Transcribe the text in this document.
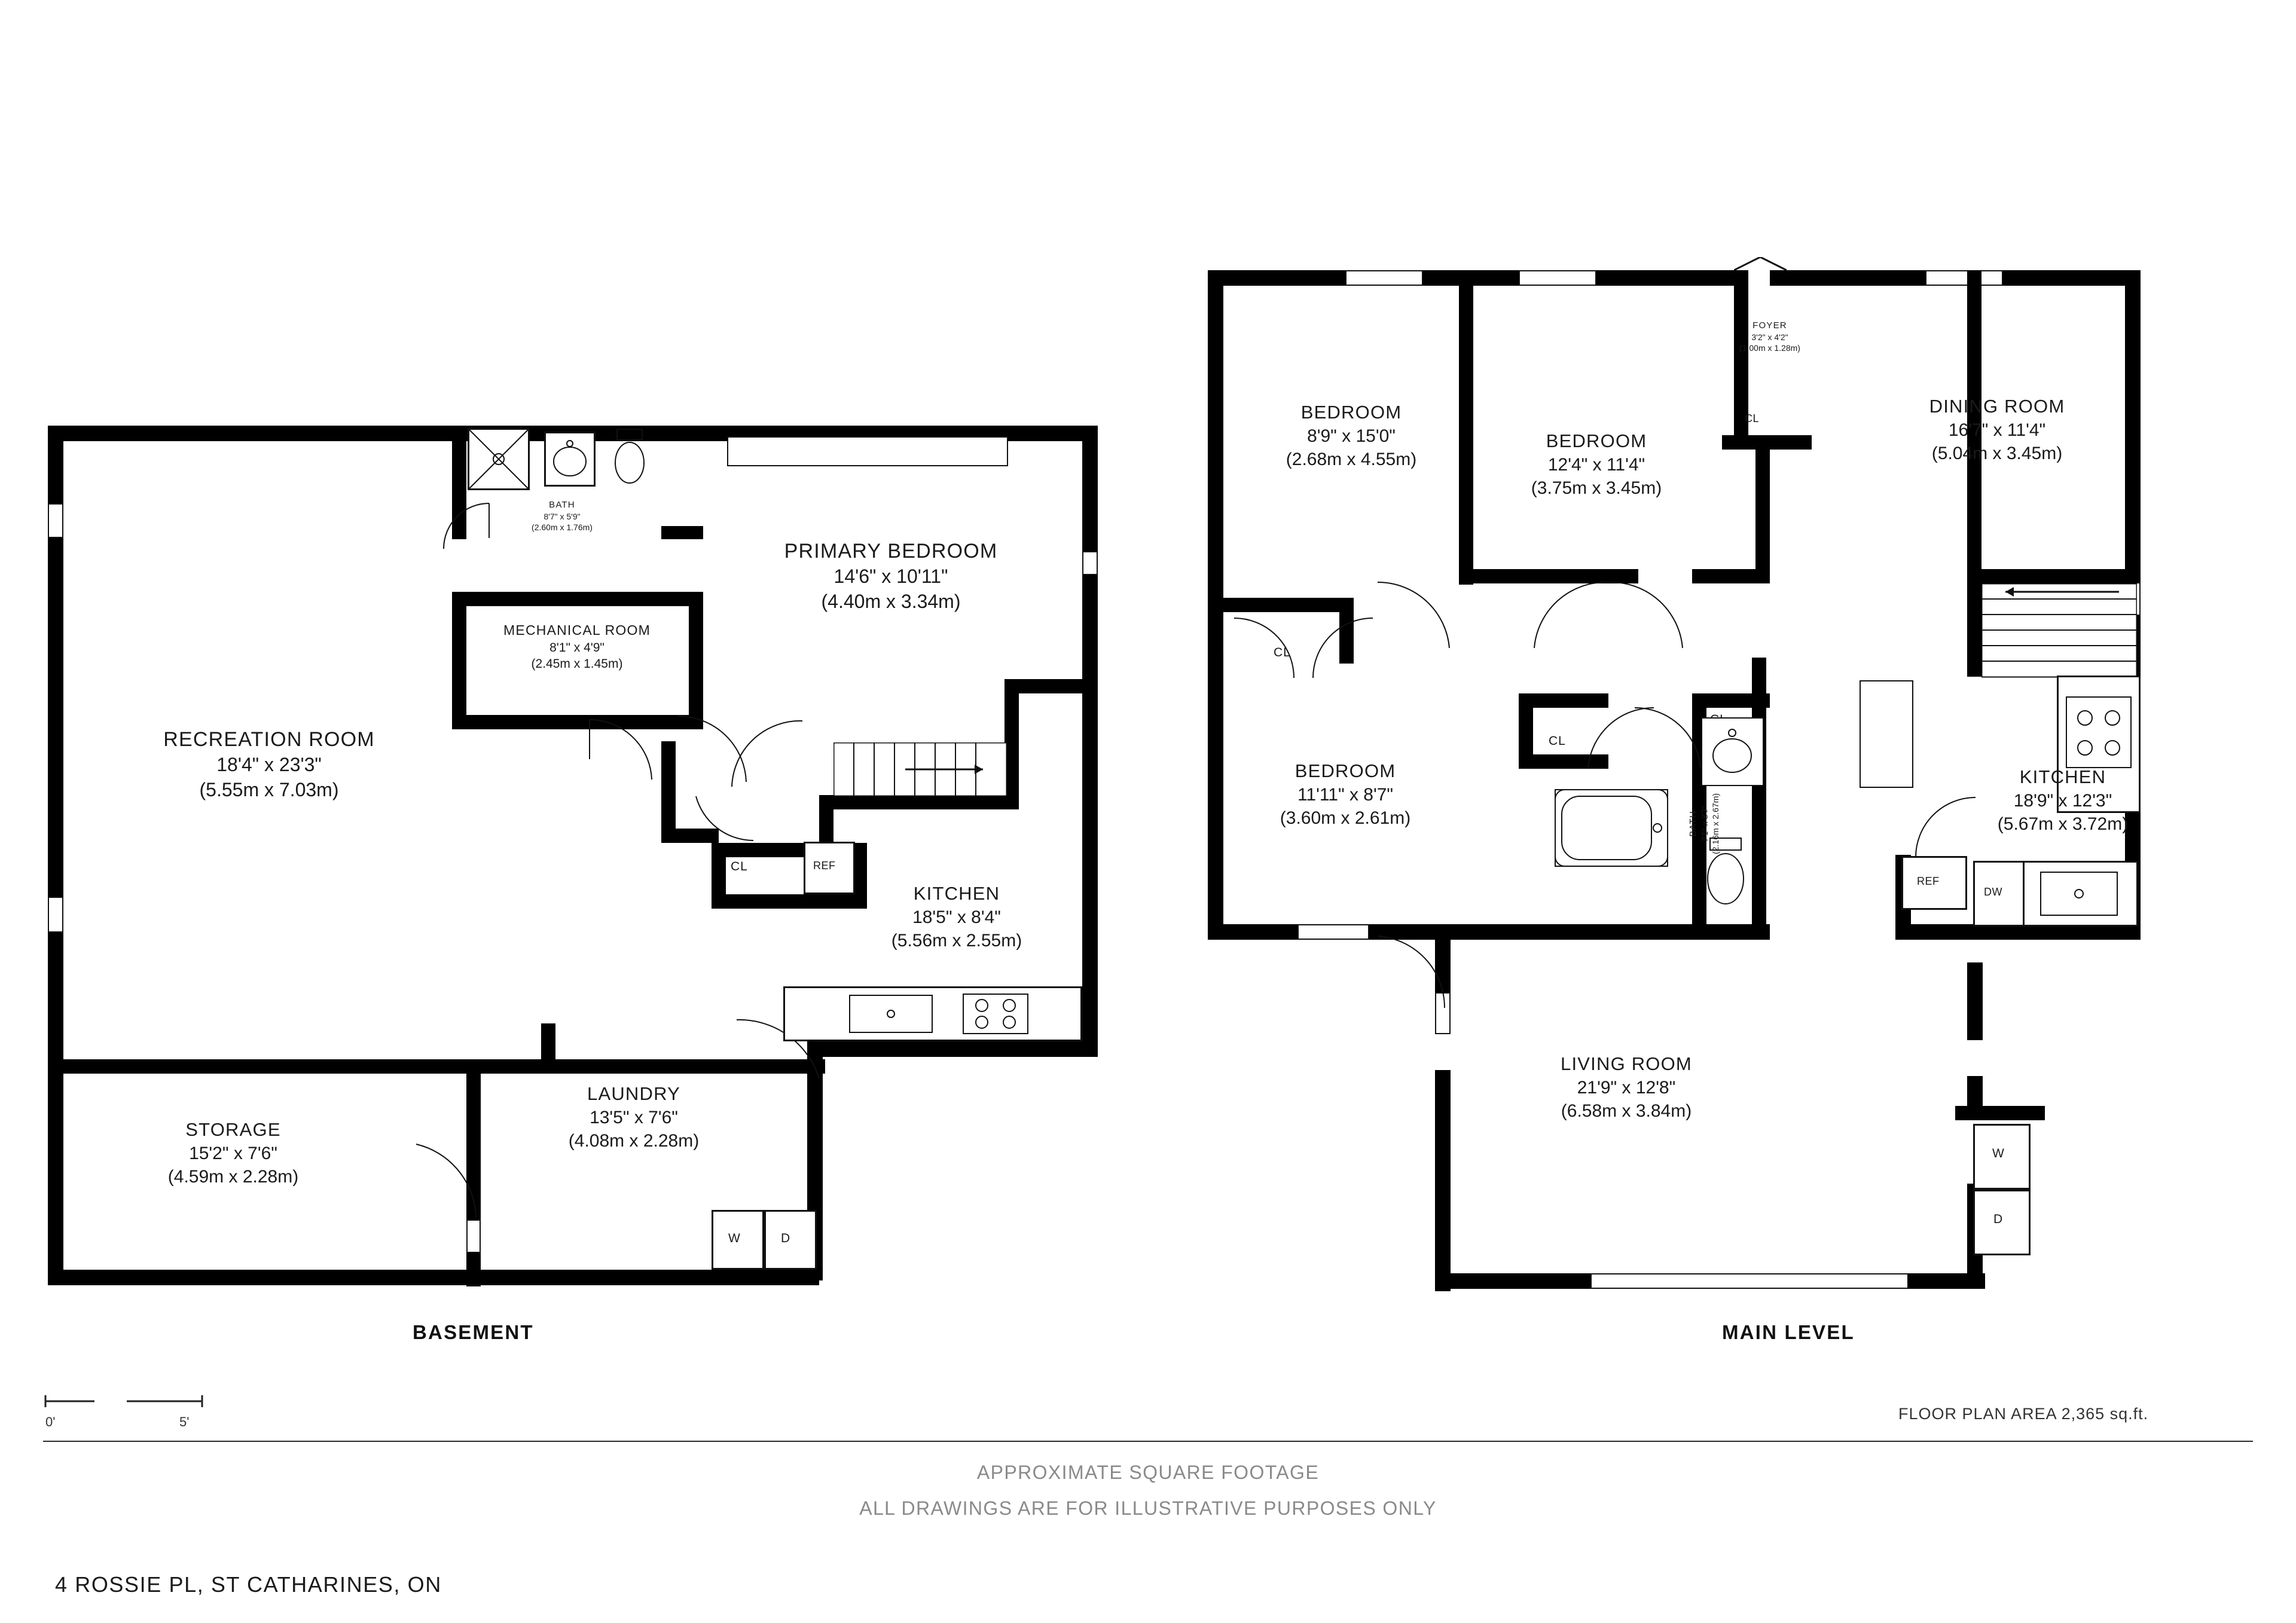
REF
CL
W	D
RECREATION ROOM
18'4" x 23'3"
(5.55m x 7.03m)
PRIMARY BEDROOM
14'6" x 10'11"
(4.40m x 3.34m)
BATH
8'7" x 5'9"
(2.60m x 1.76m)
MECHANICAL ROOM
8'1" x 4'9"
(2.45m x 1.45m)
KITCHEN
18'5" x 8'4"
(5.56m x 2.55m)
LAUNDRY
13'5" x 7'6"
(4.08m x 2.28m)
STORAGE
15'2" x 7'6"
(4.59m x 2.28m)
BASEMENT
CL
CL
CL
DW
REF
W
D
BEDROOM
8'9" x 15'0"
(2.68m x 4.55m)
BEDROOM
12'4" x 11'4"
(3.75m x 3.45m)
BEDROOM
11'11" x 8'7"
(3.60m x 2.61m)
DINING ROOM
16'7" x 11'4"
(5.04m x 3.45m)
KITCHEN
18'9" x 12'3"
(5.67m x 3.72m)
LIVING ROOM
21'9" x 12'8"
(6.58m x 3.84m)
FOYER
3'2" x 4'2"
(1.00m x 1.28m)
BATH 7'1" x 8'7" (2.16m x 2.67m)
MAIN LEVEL
0'	5'	FLOOR PLAN AREA 2,365 sq.ft.
APPROXIMATE SQUARE FOOTAGE
ALL DRAWINGS ARE FOR ILLUSTRATIVE PURPOSES ONLY
4 ROSSIE PL, ST CATHARINES, ON
